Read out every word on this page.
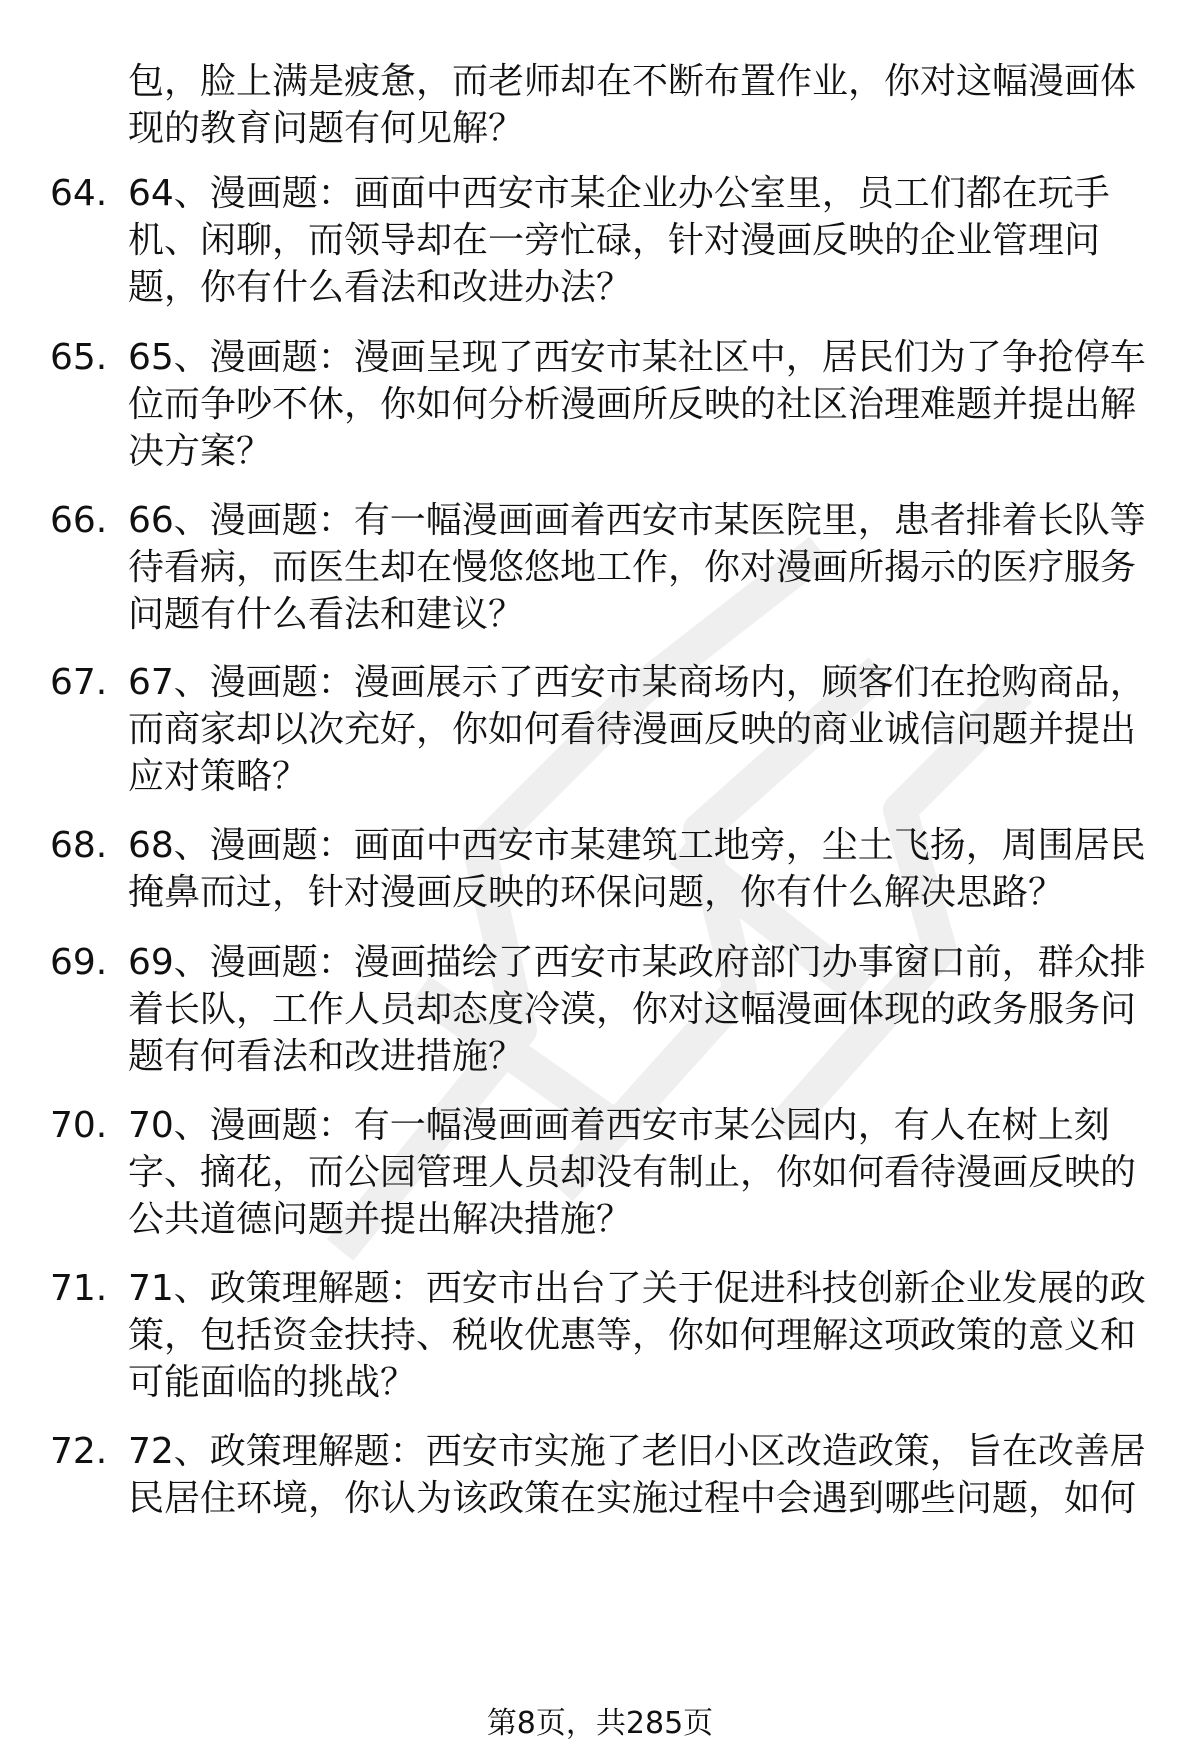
包，脸上满是疲惫，而老师却在不断布置作业，你对这幅漫画体现的教育问题有何见解？
64. 64、漫画题：画面中西安市某企业办公室里，员工们都在玩手机、闲聊，而领导却在一旁忙碌，针对漫画反映的企业管理问题，你有什么看法和改进办法？
65. 65、漫画题：漫画呈现了西安市某社区中，居民们为了争抢停车位而争吵不休，你如何分析漫画所反映的社区治理难题并提出解决方案？
66. 66、漫画题：有一幅漫画画着西安市某医院里，患者排着长队等待看病，而医生却在慢悠悠地工作，你对漫画所揭示的医疗服务问题有什么看法和建议？
67. 67、漫画题：漫画展示了西安市某商场内，顾客们在抢购商品，而商家却以次充好，你如何看待漫画反映的商业诚信问题并提出应对策略？
68. 68、漫画题：画面中西安市某建筑工地旁，尘土飞扬，周围居民掩鼻而过，针对漫画反映的环保问题，你有什么解决思路？
69. 69、漫画题：漫画描绘了西安市某政府部门办事窗口前，群众排着长队，工作人员却态度冷漠，你对这幅漫画体现的政务服务问题有何看法和改进措施？
70. 70、漫画题：有一幅漫画画着西安市某公园内，有人在树上刻字、摘花，而公园管理人员却没有制止，你如何看待漫画反映的公共道德问题并提出解决措施？
71. 71、政策理解题：西安市出台了关于促进科技创新企业发展的政策，包括资金扶持、税收优惠等，你如何理解这项政策的意义和可能面临的挑战？
72. 72、政策理解题：西安市实施了老旧小区改造政策，旨在改善居民居住环境，你认为该政策在实施过程中会遇到哪些问题，如何
第8页，共285页
